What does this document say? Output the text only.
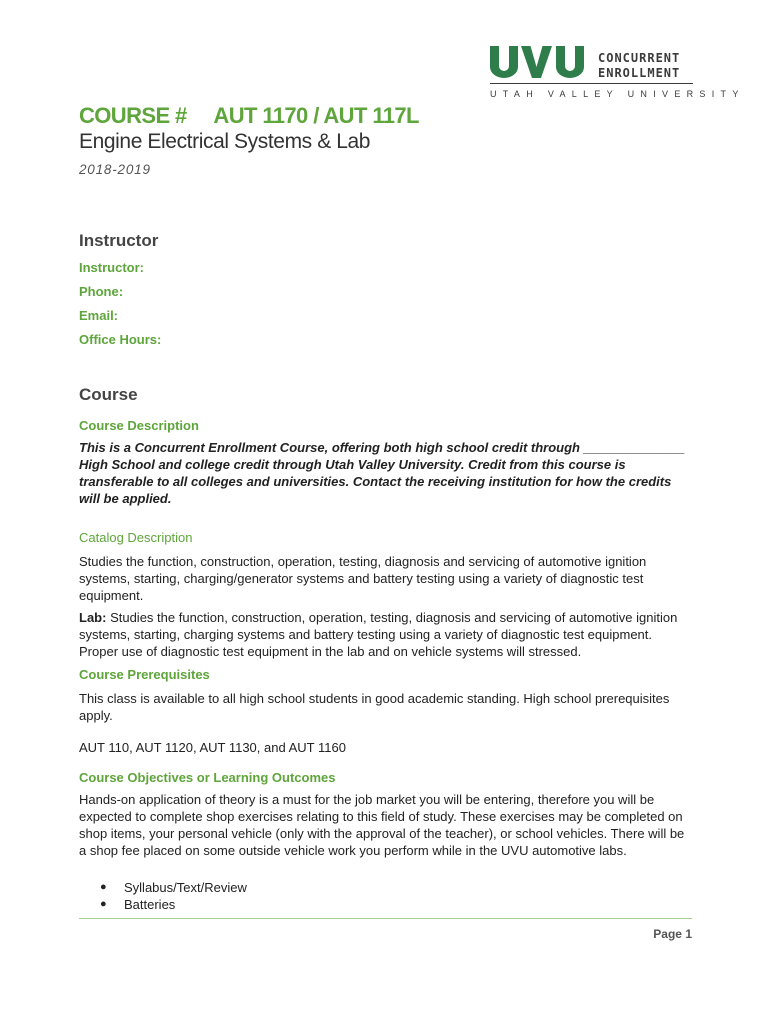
CONCURRENT
ENROLLMENT
UTAH VALLEY UNIVERSITY
COURSE # AUT 1170 / AUT 117L
Engine Electrical Systems & Lab
2018-2019
Instructor
Instructor:
Phone:
Email:
Office Hours:
Course
Course Description
This is a Concurrent Enrollment Course, offering both high school credit through ______________ High School and college credit through Utah Valley University. Credit from this course is transferable to all colleges and universities. Contact the receiving institution for how the credits will be applied.
Catalog Description
Studies the function, construction, operation, testing, diagnosis and servicing of automotive ignition systems, starting, charging/generator systems and battery testing using a variety of diagnostic test equipment.
Lab: Studies the function, construction, operation, testing, diagnosis and servicing of automotive ignition systems, starting, charging systems and battery testing using a variety of diagnostic test equipment. Proper use of diagnostic test equipment in the lab and on vehicle systems will stressed.
Course Prerequisites
This class is available to all high school students in good academic standing. High school prerequisites apply.
AUT 110, AUT 1120, AUT 1130, and AUT 1160
Course Objectives or Learning Outcomes
Hands-on application of theory is a must for the job market you will be entering, therefore you will be expected to complete shop exercises relating to this field of study. These exercises may be completed on shop items, your personal vehicle (only with the approval of the teacher), or school vehicles. There will be a shop fee placed on some outside vehicle work you perform while in the UVU automotive labs.
●	Syllabus/Text/Review
●	Batteries
Page 1
